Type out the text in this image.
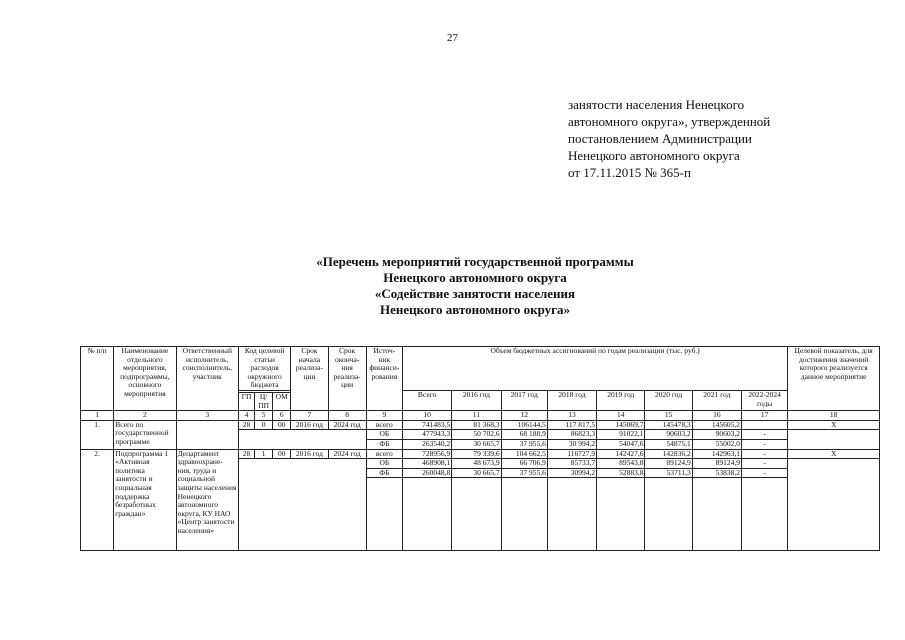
27
занятости населения Ненецкого
автономного округа», утвержденной
постановлением Администрации
Ненецкого автономного округа
от 17.11.2015 № 365-п
«Перечень мероприятий государственной программы
Ненецкого автономного округа
«Содействие занятости населения
Ненецкого автономного округа»
№ п/п	Наименование отдельного мероприятия, подпрограммы, основного мероприятия	Ответственный исполнитель, соисполнитель, участник	Код целевой статьи расходов окружного бюджета			Срок начала реализа- ции	Срок оконча- ния реализа- ции	Источ- ник финанси- рования	Объем бюджетных ассигнований по годам реализации (тыс. руб.)								Целевой показатель, для достижения значений которого реализуется данное мероприятие
									Всего	2016 год	2017 год	2018 год	2019 год	2020 год	2021 год	2022-2024 годы	
			ГП	Ц/ПП	ОМ												
1	2	3	4	5	6	7	8	9	10	11	12	13	14	15	16	17	18
1.	Всего по государственной программе		28	0	00	2016 год	2024 год	всего	741483,5	81 368,3	106144,5	117 817,5	145069,7	145478,3	145605,2		X
								ОБ	477943,3	50 702,6	68 188,9	86823,3	91022,1	90603,2	90603,2	-	
								ФБ	263540,2	30 665,7	37 955,6	30 994,2	54047,6	54875,1	55002,0	-	
2.	Подпрограмма 1 «Активная политика занятости и социальная поддержка безработных граждан»	Департамент здравоохране- ния, труда и социальной защиты населения Ненецкого автономного округа, КУ НАО «Центр занятости населения»	28	1	00	2016 год	2024 год	всего	728956,9	79 339,6	104 662,5	116727,9	142427,6	142836,2	142963,1	-	X
								ОБ	468908,1	48 673,9	66 706,9	85733,7	89543,8	89124,9	89124,9	-	
								ФБ	260048,8	30 665,7	37 955,6	30994,2	52883,8	53711,3	53838,2	-	
